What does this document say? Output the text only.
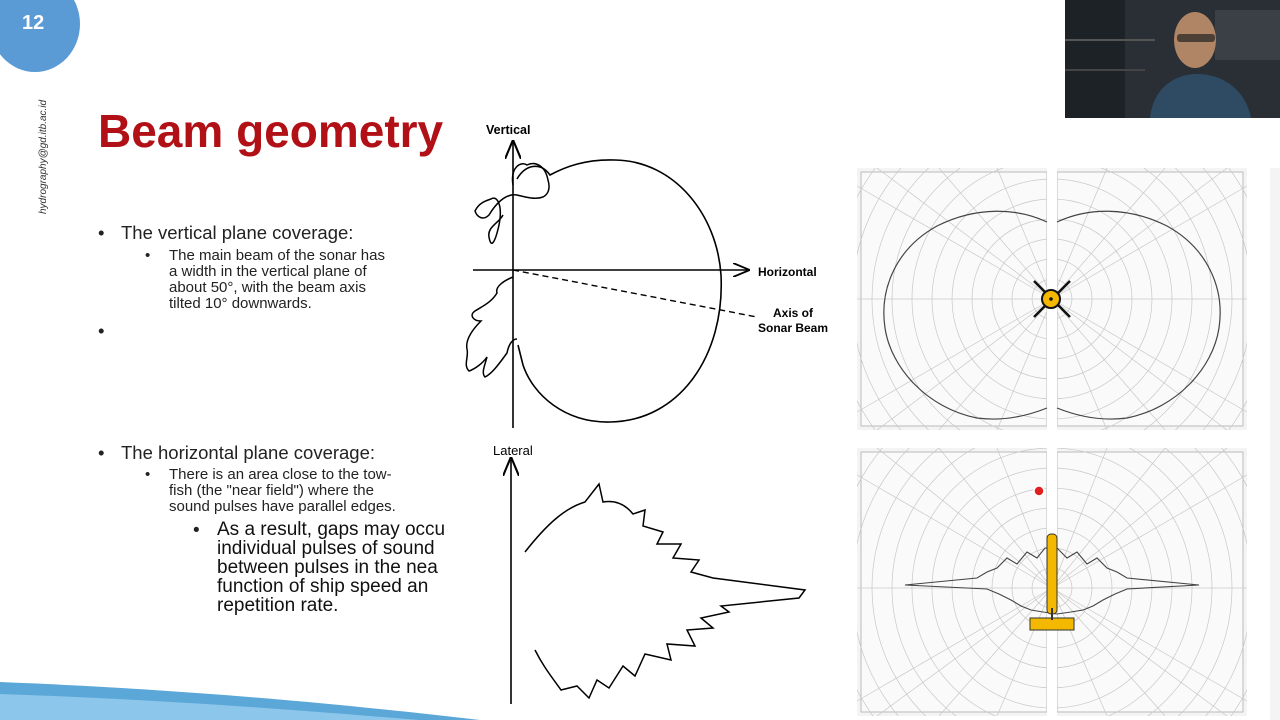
12
hydrography@gd.itb.ac.id Beam geometry
• The vertical plane coverage:
• The main beam of the sonar has
a width in the vertical plane of
about 50°, with the beam axis
tilted 10° downwards.
•
• The horizontal plane coverage:
• There is an area close to the tow-
fish (the "near field") where the
sound pulses have parallel edges.
• As a result, gaps may occu
individual pulses of sound
between pulses in the nea
function of ship speed an
repetition rate.
Vertical
Horizontal
Axis of
Sonar Beam
Lateral
